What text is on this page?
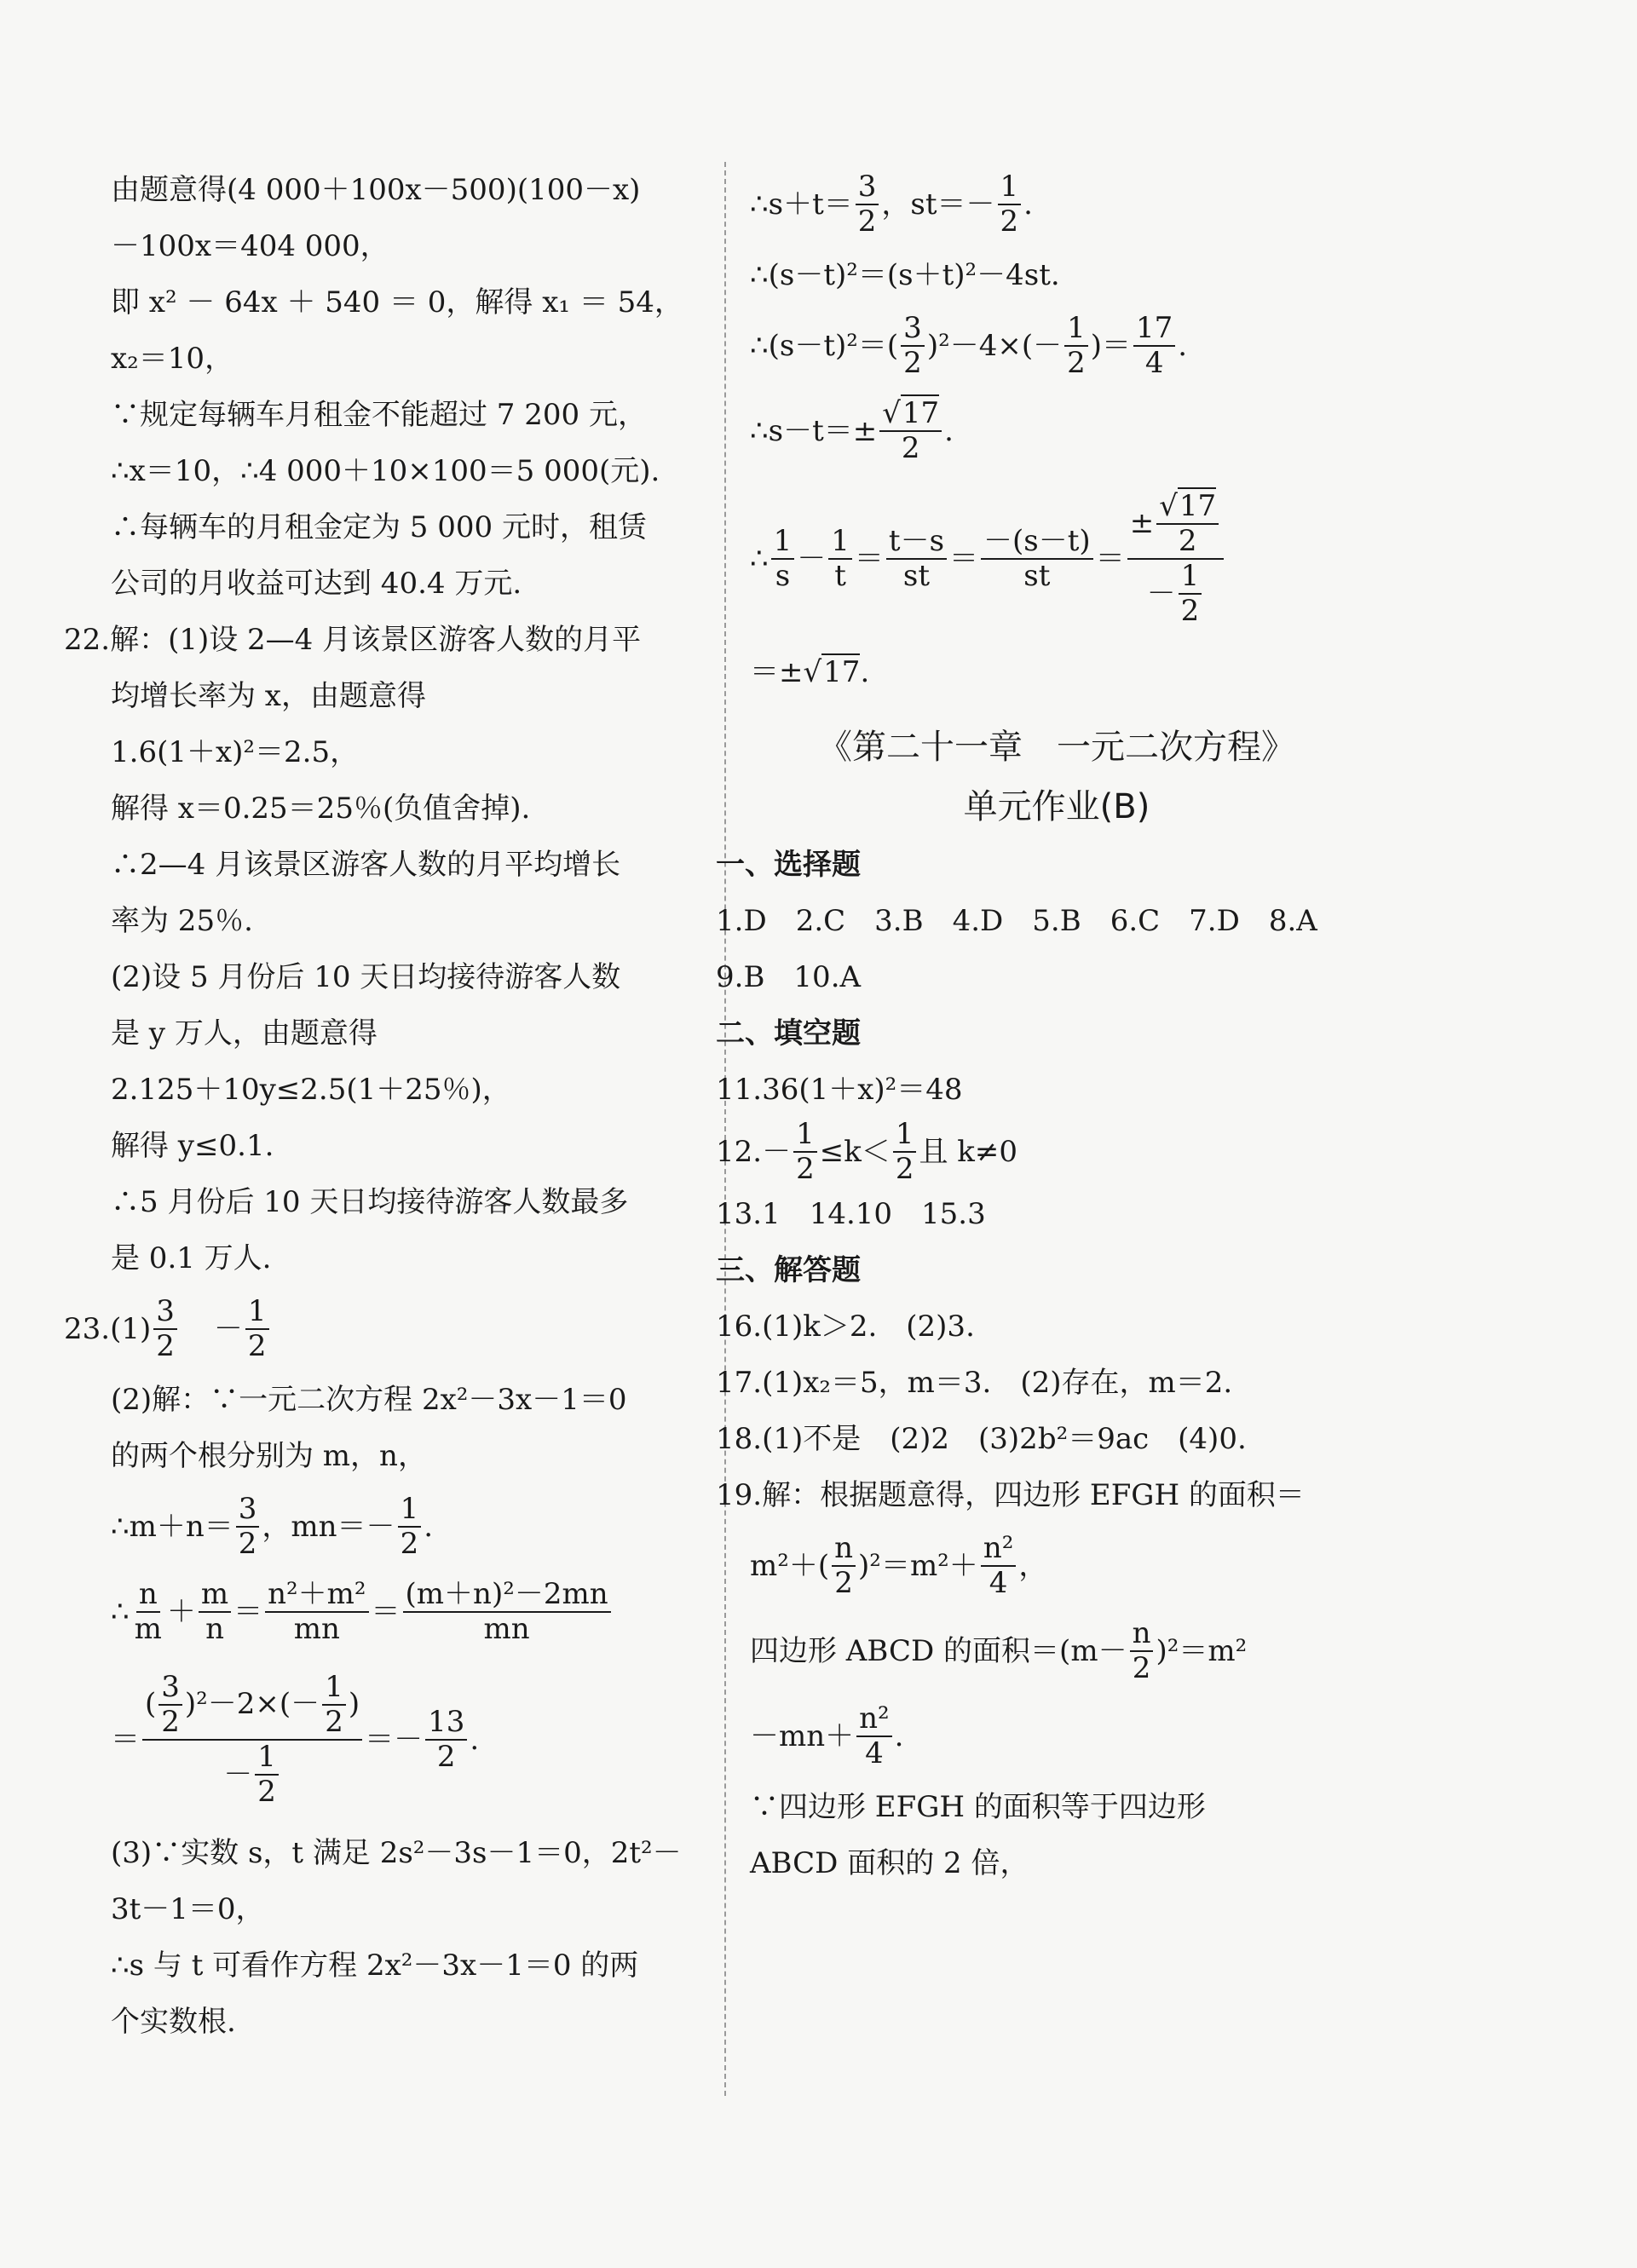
由题意得(4 000＋100x－500)(100－x)
－100x＝404 000，
即 x² － 64x ＋ 540 ＝ 0，解得 x₁ ＝ 54，
x₂＝10，
∵规定每辆车月租金不能超过 7 200 元，
∴x＝10，∴4 000＋10×100＝5 000(元).
∴每辆车的月租金定为 5 000 元时，租赁
公司的月收益可达到 40.4 万元.
22.解：(1)设 2—4 月该景区游客人数的月平
均增长率为 x，由题意得
1.6(1＋x)²＝2.5，
解得 x＝0.25＝25％(负值舍掉).
∴2—4 月该景区游客人数的月平均增长
率为 25％.
(2)设 5 月份后 10 天日均接待游客人数
是 y 万人，由题意得
2.125＋10y≤2.5(1＋25％)，
解得 y≤0.1.
∴5 月份后 10 天日均接待游客人数最多
是 0.1 万人.
$23.(1) \frac{3}{2} - \frac{1}{2}$
(2)解：∵一元二次方程 2x²－3x－1＝0
的两个根分别为 m，n，
∴m＋n＝ $\frac{3}{2}$ ，$mn=- \frac{1}{2}$ .
∴ $\frac{n}{m} + \frac{m}{n} = \frac{\text{n²＋m²}}{mn} = \frac{\text{(m＋n)²－2mn}}{mn}$
＝ $\frac{( \frac{3}{2} )^2-2\times(- \frac{1}{2} )}{- \frac{1}{2}} =- \frac{13}{2}$ .
(3)∵实数 s，t 满足 2s²－3s－1＝0，2t²－
3t－1＝0，
∴s 与 t 可看作方程 2x²－3x－1＝0 的两
个实数根.
∴s＋t＝ $\frac{3}{2}$ ，$st=- \frac{1}{2}$ .
∴(s－t)²＝(s＋t)²－4st.
∴(s－t)²＝( $\frac{3}{2} )^2-4\times(- \frac{1}{2}$ )＝ $\frac{17}{4}$ .
∴s－t＝± $\frac{√17}{2}$ .
∴ $\frac{1}{s} - \frac{1}{t} = \frac{t-s}{st} = \frac{-(s-t)}{st} = \frac{\pm \frac{√17}{2}}{- \frac{1}{2}}$
＝±√17.
《第二十一章　一元二次方程》
单元作业(B)
一、选择题
1.D　2.C　3.B　4.D　5.B　6.C　7.D　8.A
9.B　10.A
二、填空题
11.36(1＋x)²＝48
$12.- \frac{1}{2} \le k< \frac{1}{2}$ 且 k≠0
13.1　14.10　15.3
三、解答题
16.(1)k＞2.　(2)3.
17.(1)x₂＝5，m＝3.　(2)存在，m＝2.
18.(1)不是　(2)2　(3)2b²＝9ac　(4)0.
19.解：根据题意得，四边形 EFGH 的面积＝
$m^2+( \frac{n}{2} )^2=m^2+ \frac{\text{n²}}{4}$ ，
四边形 ABCD 的面积$=(m- \frac{n}{2} )^2=m^2$
$-mn+ \frac{\text{n²}}{4}$ .
∵四边形 EFGH 的面积等于四边形
ABCD 面积的 2 倍，
